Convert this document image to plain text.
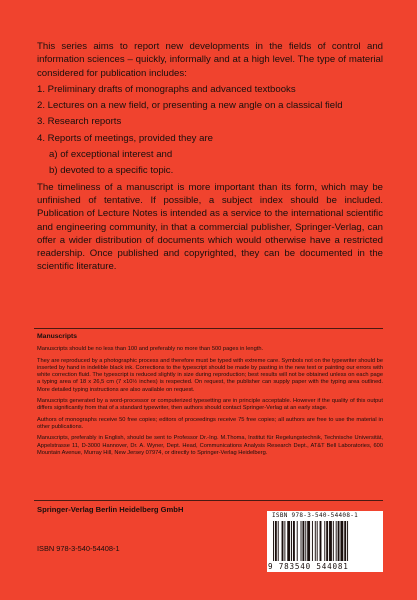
This series aims to report new developments in the fields of control and information sciences – quickly, informally and at a high level. The type of material considered for publication includes:

1. Preliminary drafts of monographs and advanced textbooks
2. Lectures on a new field, or presenting a new angle on a classical field
3. Research reports
4. Reports of meetings, provided they are
a) of exceptional interest and
b) devoted to a specific topic.

The timeliness of a manuscript is more important than its form, which may be unfinished of tentative. If possible, a subject index should be included. Publication of Lecture Notes is intended as a service to the international scientific and engineering community, in that a commercial publisher, Springer-Verlag, can offer a wider distribution of documents which would otherwise have a restricted readership. Once published and copyrighted, they can be documented in the scientific literature.

Manuscripts

Manuscripts should be no less than 100 and preferably no more than 500 pages in length.

They are reproduced by a photographic process and therefore must be typed with extreme care. Symbols not on the typewriter should be inserted by hand in indelible black ink. Corrections to the typescript should be made by pasting in the new text or painting our errors with white correction fluid. The typescript is reduced slightly in size during reproduction; best results will not be obtained unless on each page a typing area of 18 x 26,5 cm (7 x10½ inches) is respected. On request, the publisher can supply paper with the typing area outlined. More detailed typing instructions are also available on request.

Manuscripts generated by a word-processor or computerized typesetting are in principle acceptable. However if the quality of this output differs significantly from that of a standard typewriter, then authors should contact Springer-Verlag at an early stage.

Authors of monographs receive 50 free copies; editors of proceedings receive 75 free copies; all authors are free to use the material in other publications.

Manuscripts, preferably in English, should be sent to Professor Dr.-Ing. M.Thoma, Institut für Regelungstechnik, Technische Universität, Appelstrasse 11, D-3000 Hannover, Dr. A. Wyner, Dept. Head, Communications Analysis Research Dept., AT&T Bell Laboratories, 600 Mountain Avenue, Murray Hill, New Jersey 07974, or directly to Springer-Verlag Heidelberg.

Springer-Verlag Berlin Heidelberg GmbH
ISBN 978-3-540-54408-1
ISBN 978-3-540-54408-1
9 783540 544081
